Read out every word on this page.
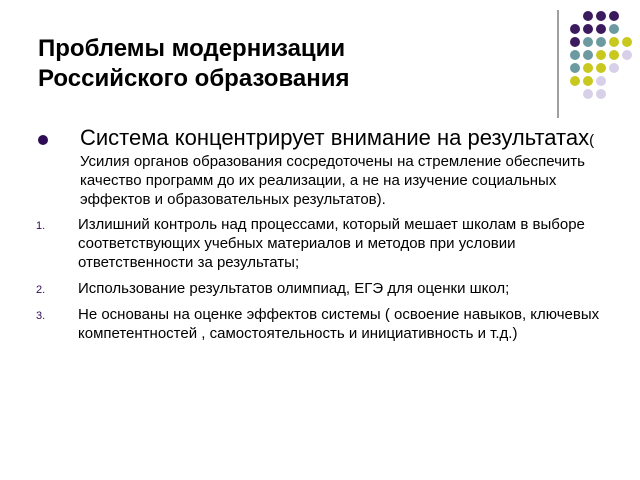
Проблемы модернизации
Российского образования
Система концентрирует внимание на результатах( Усилия органов образования сосредоточены на стремление обеспечить качество программ до их реализации, а не на изучение социальных эффектов и образовательных результатов).
1. Излишний контроль над процессами, который мешает школам в выборе соответствующих учебных материалов и методов при условии ответственности за результаты;
2. Использование результатов олимпиад, ЕГЭ для оценки школ;
3. Не основаны на оценке эффектов системы ( освоение навыков, ключевых компетентностей , самостоятельность и инициативность и т.д.)
